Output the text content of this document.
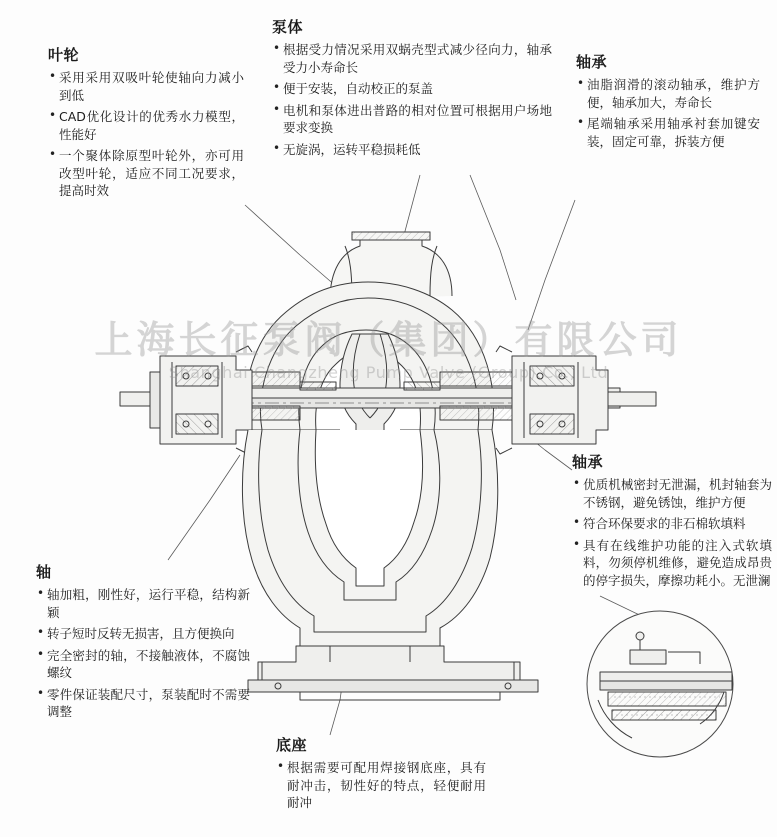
上海长征泵阀（集团）有限公司
Shanghai Changzheng Pump Valve (Group) Co., Ltd
叶轮
• 采用采用双吸叶轮使轴向力减小到低
• CAD优化设计的优秀水力模型，性能好
• 一个聚体除原型叶轮外，亦可用改型叶轮，适应不同工况要求，提高时效
泵体
• 根据受力情况采用双蜗壳型式减少径向力，轴承受力小寿命长
• 便于安装，自动校正的泵盖
• 电机和泵体进出普路的相对位置可根据用户场地要求变换
• 无旋涡，运转平稳损耗低
轴承
• 油脂润滑的滚动轴承，维护方便，轴承加大，寿命长
• 尾端轴承采用轴承衬套加键安装，固定可靠，拆装方便
轴承
• 优质机械密封无泄漏，机封轴套为不锈钢，避免锈蚀，维护方便
• 符合环保要求的非石棉软填料
• 具有在线维护功能的注入式软填料，勿须停机维修，避免造成昂贵的停字损失，摩擦功耗小。无泄澜
轴
• 轴加粗，刚性好，运行平稳，结构新颖
• 转子短时反转无损害，且方便换向
• 完全密封的轴，不接触液体，不腐蚀螺纹
• 零件保证装配尺寸，泵装配时不需要调整
底座
• 根据需要可配用焊接钢底座，具有耐冲击，韧性好的特点，轻便耐用耐冲
